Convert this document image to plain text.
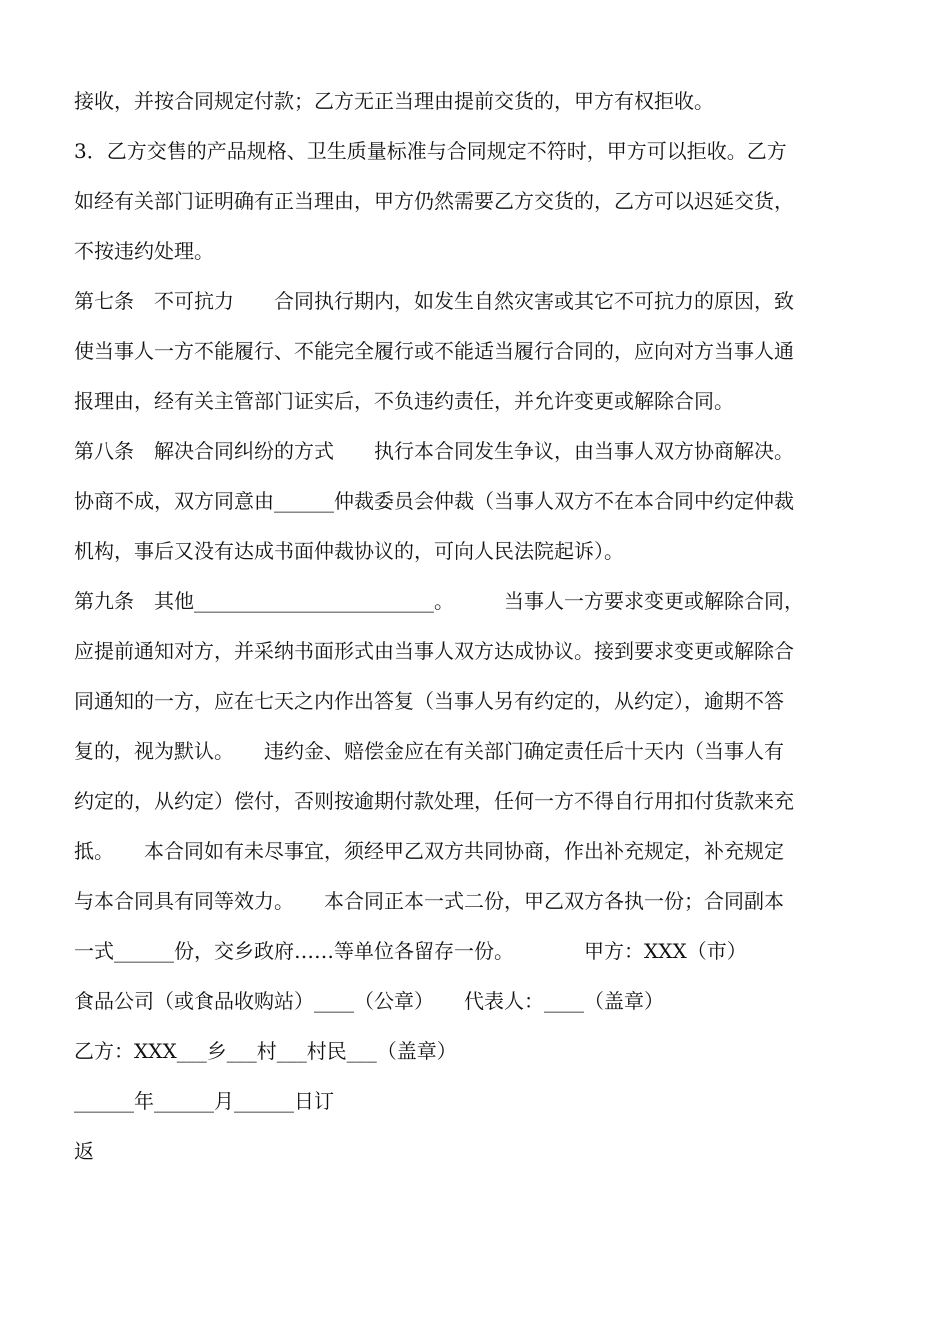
接收，并按合同规定付款；乙方无正当理由提前交货的，甲方有权拒收。
3．乙方交售的产品规格、卫生质量标准与合同规定不符时，甲方可以拒收。乙方
如经有关部门证明确有正当理由，甲方仍然需要乙方交货的，乙方可以迟延交货，
不按违约处理。
第七条　不可抗力　　合同执行期内，如发生自然灾害或其它不可抗力的原因，致
使当事人一方不能履行、不能完全履行或不能适当履行合同的，应向对方当事人通
报理由，经有关主管部门证实后，不负违约责任，并允许变更或解除合同。
第八条　解决合同纠纷的方式　　执行本合同发生争议，由当事人双方协商解决。
协商不成，双方同意由______仲裁委员会仲裁（当事人双方不在本合同中约定仲裁
机构，事后又没有达成书面仲裁协议的，可向人民法院起诉）。
第九条　其他________________________。　　　当事人一方要求变更或解除合同，
应提前通知对方，并采纳书面形式由当事人双方达成协议。接到要求变更或解除合
同通知的一方，应在七天之内作出答复（当事人另有约定的，从约定），逾期不答
复的，视为默认。　　违约金、赔偿金应在有关部门确定责任后十天内（当事人有
约定的，从约定）偿付，否则按逾期付款处理，任何一方不得自行用扣付货款来充
抵。　　本合同如有未尽事宜，须经甲乙双方共同协商，作出补充规定，补充规定
与本合同具有同等效力。　　本合同正本一式二份，甲乙双方各执一份；合同副本
一式______份，交乡政府……等单位各留存一份。　　　　甲方：XXX（市）
食品公司（或食品收购站）____（公章）　　代表人：____（盖章）
乙方：XXX___乡___村___村民___（盖章）
______年______月______日订
返
